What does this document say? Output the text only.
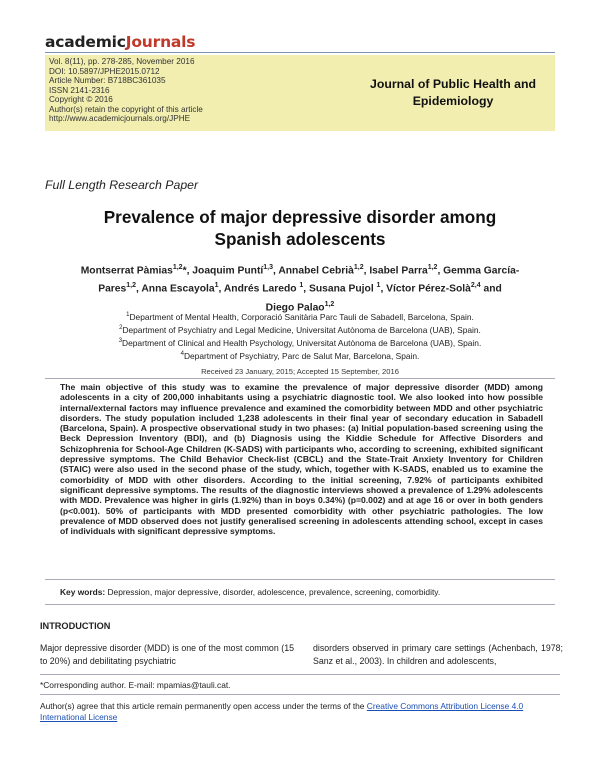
academicJournals
Vol. 8(11), pp. 278-285, November 2016
DOI: 10.5897/JPHE2015.0712
Article Number: B718BC361035
ISSN 2141-2316
Copyright © 2016
Author(s) retain the copyright of this article
http://www.academicjournals.org/JPHE
Journal of Public Health and
Epidemiology
Full Length Research Paper
Prevalence of major depressive disorder among
Spanish adolescents
Montserrat Pàmias$^{1,2}$*, Joaquim Puntí$^{1,3}$, Annabel Cebrià$^{1,2}$, Isabel Parra$^{1,2}$, Gemma García-
Pares$^{1,2}$, Anna Escayola$^1$, Andrés Laredo $^1$, Susana Pujol $^1$, Víctor Pérez-Solà$^{2,4}$ and
Diego Palao$^{1,2}$
$^1$Department of Mental Health, Corporació Sanitària Parc Tauli de Sabadell, Barcelona, Spain.
$^2$Department of Psychiatry and Legal Medicine, Universitat Autònoma de Barcelona (UAB), Spain.
$^3$Department of Clinical and Health Psychology, Universitat Autònoma de Barcelona (UAB), Spain.
$^4$Department of Psychiatry, Parc de Salut Mar, Barcelona, Spain.
Received 23 January, 2015; Accepted 15 September, 2016
The main objective of this study was to examine the prevalence of major depressive disorder (MDD) among adolescents in a city of 200,000 inhabitants using a psychiatric diagnostic tool. We also looked into how possible internal/external factors may influence prevalence and examined the comorbidity between MDD and other psychiatric disorders. The study population included 1,238 adolescents in their final year of secondary education in Sabadell (Barcelona, Spain). A prospective observational study in two phases: (a) Initial population-based screening using the Beck Depression Inventory (BDI), and (b) Diagnosis using the Kiddie Schedule for Affective Disorders and Schizophrenia for School-Age Children (K-SADS) with participants who, according to screening, exhibited significant depressive symptoms. The Child Behavior Check-list (CBCL) and the State-Trait Anxiety Inventory for Children (STAIC) were also used in the second phase of the study, which, together with K-SADS, enabled us to examine the comorbidity of MDD with other disorders. According to the initial screening, 7.92% of participants exhibited significant depressive symptoms. The results of the diagnostic interviews showed a prevalence of 1.29% adolescents with MDD. Prevalence was higher in girls (1.92%) than in boys 0.34%) (p=0.002) and at age 16 or over in both genders (p<0.001). 50% of participants with MDD presented comorbidity with other psychiatric pathologies. The low prevalence of MDD observed does not justify generalised screening in adolescents attending school, except in cases of individuals with significant depressive symptoms.
Key words: Depression, major depressive, disorder, adolescence, prevalence, screening, comorbidity.
INTRODUCTION
Major depressive disorder (MDD) is one of the most common (15 to 20%) and debilitating psychiatric
disorders observed in primary care settings (Achenbach, 1978; Sanz et al., 2003). In children and adolescents,
*Corresponding author. E-mail: mpamias@tauli.cat.
Author(s) agree that this article remain permanently open access under the terms of the Creative Commons Attribution License 4.0 International License
